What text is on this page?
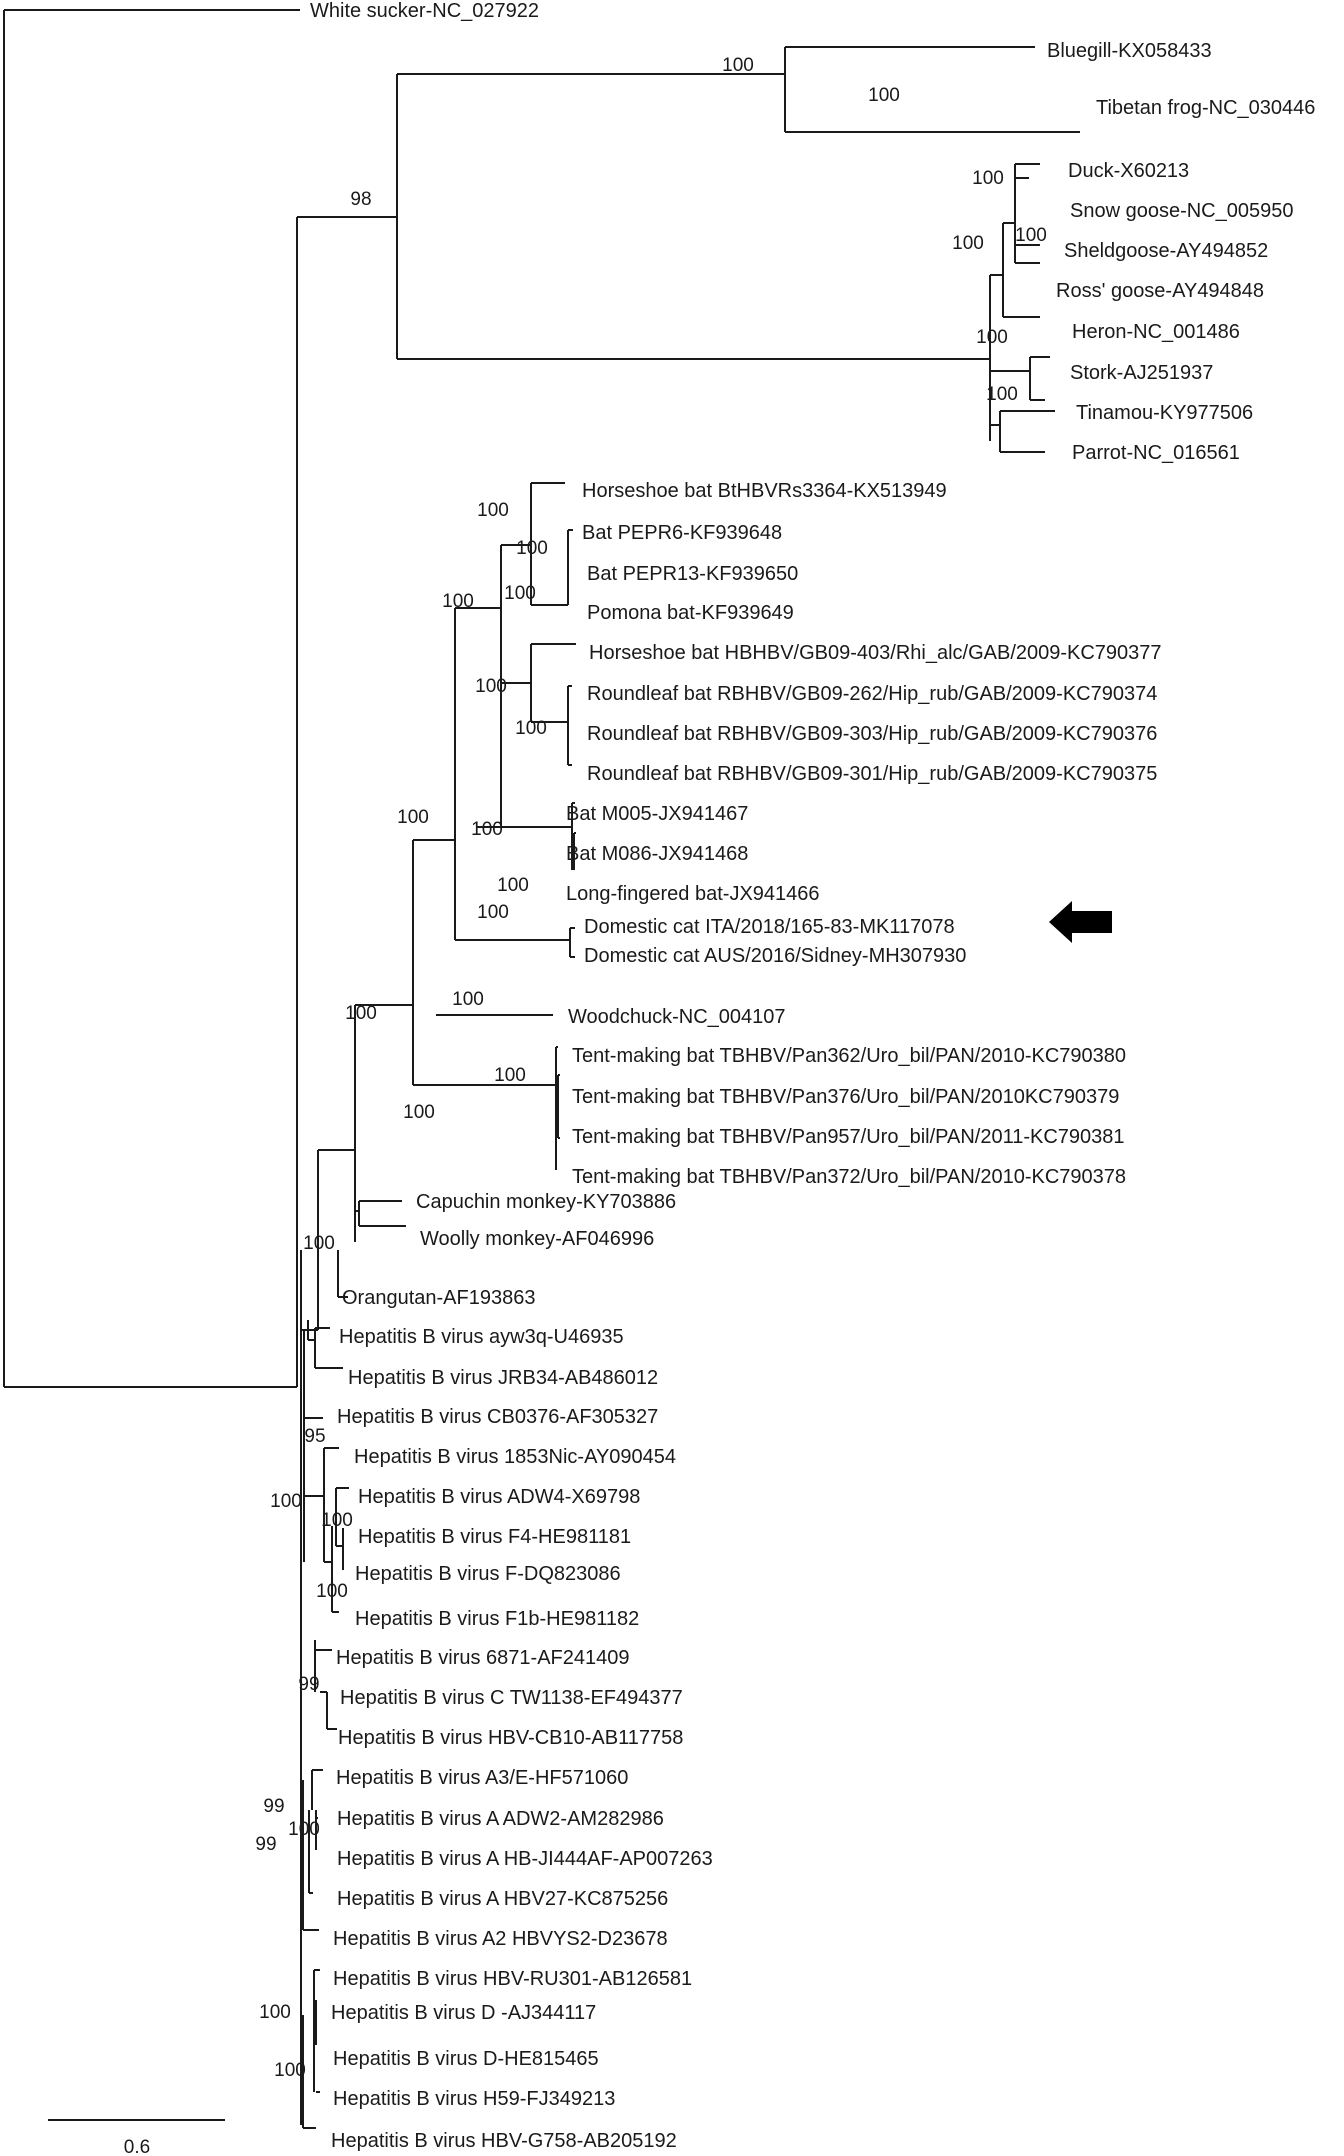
White sucker-NC_027922
Bluegill-KX058433
Tibetan frog-NC_030446
Duck-X60213
Snow goose-NC_005950
Sheldgoose-AY494852
Ross' goose-AY494848
Heron-NC_001486
Stork-AJ251937
Tinamou-KY977506
Parrot-NC_016561
Horseshoe bat BtHBVRs3364-KX513949
Bat PEPR6-KF939648
Bat PEPR13-KF939650
Pomona bat-KF939649
Horseshoe bat HBHBV/GB09-403/Rhi_alc/GAB/2009-KC790377
Roundleaf bat RBHBV/GB09-262/Hip_rub/GAB/2009-KC790374
Roundleaf bat RBHBV/GB09-303/Hip_rub/GAB/2009-KC790376
Roundleaf bat RBHBV/GB09-301/Hip_rub/GAB/2009-KC790375
Bat M005-JX941467
Bat M086-JX941468
Long-fingered bat-JX941466
Domestic cat ITA/2018/165-83-MK117078
Domestic cat AUS/2016/Sidney-MH307930
Woodchuck-NC_004107
Tent-making bat TBHBV/Pan362/Uro_bil/PAN/2010-KC790380
Tent-making bat TBHBV/Pan376/Uro_bil/PAN/2010KC790379
Tent-making bat TBHBV/Pan957/Uro_bil/PAN/2011-KC790381
Tent-making bat TBHBV/Pan372/Uro_bil/PAN/2010-KC790378
Capuchin monkey-KY703886
Woolly monkey-AF046996
Orangutan-AF193863
Hepatitis B virus ayw3q-U46935
Hepatitis B virus JRB34-AB486012
Hepatitis B virus CB0376-AF305327
Hepatitis B virus 1853Nic-AY090454
Hepatitis B virus ADW4-X69798
Hepatitis B virus F4-HE981181
Hepatitis B virus F-DQ823086
Hepatitis B virus F1b-HE981182
Hepatitis B virus 6871-AF241409
Hepatitis B virus C TW1138-EF494377
Hepatitis B virus HBV-CB10-AB117758
Hepatitis B virus A3/E-HF571060
Hepatitis B virus A ADW2-AM282986
Hepatitis B virus A HB-JI444AF-AP007263
Hepatitis B virus A HBV27-KC875256
Hepatitis B virus A2 HBVYS2-D23678
Hepatitis B virus HBV-RU301-AB126581
Hepatitis B virus D -AJ344117
Hepatitis B virus D-HE815465
Hepatitis B virus H59-FJ349213
Hepatitis B virus HBV-G758-AB205192
98
100
100
100
100 100
100
100
100
100
100
100
100
100
100
100
100
100
100
100
100
100
100
95
100
100
100
99
99
100
99
100
100
0.6
